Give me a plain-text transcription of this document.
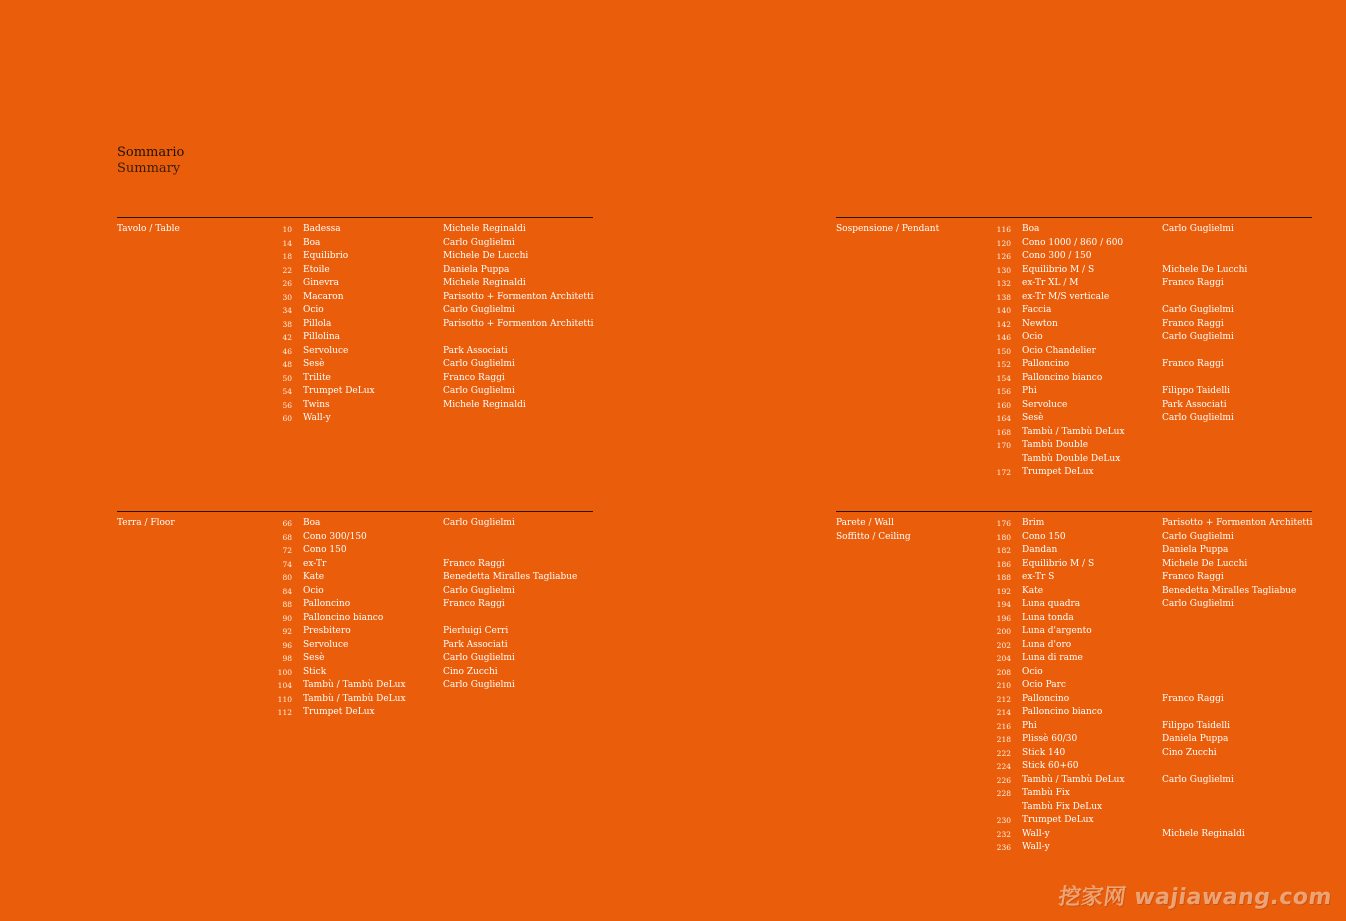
Sommario
Summary
Tavolo / Table	10 Badessa	Michele Reginaldi
14 Boa	Carlo Guglielmi
18 Equilibrio	Michele De Lucchi
22 Etoile	Daniela Puppa
26 Ginevra	Michele Reginaldi
30 Macaron	Parisotto + Formenton Architetti
34 Ocio	Carlo Guglielmi
38 Pillola	Parisotto + Formenton Architetti
42 Pillolina
46 Servoluce	Park Associati
48 Sesè	Carlo Guglielmi
50 Trilite	Franco Raggi
54 Trumpet DeLux	Carlo Guglielmi
56 Twins	Michele Reginaldi
60 Wall-y
Sospensione / Pendant	116 Boa	Carlo Guglielmi
120 Cono 1000 / 860 / 600
126 Cono 300 / 150
130 Equilibrio M / S	Michele De Lucchi
132 ex-Tr XL / M	Franco Raggi
138 ex-Tr M/S verticale
140 Faccia	Carlo Guglielmi
142 Newton	Franco Raggi
146 Ocio	Carlo Guglielmi
150 Ocio Chandelier
152 Palloncino	Franco Raggi
154 Palloncino bianco
156 Phi	Filippo Taidelli
160 Servoluce	Park Associati
164 Sesè	Carlo Guglielmi
168 Tambù / Tambù DeLux
170 Tambù Double
Tambù Double DeLux
172 Trumpet DeLux
Terra / Floor	66 Boa	Carlo Guglielmi
68 Cono 300/150
72 Cono 150
74 ex-Tr	Franco Raggi
80 Kate	Benedetta Miralles Tagliabue
84 Ocio	Carlo Guglielmi
88 Palloncino	Franco Raggi
90 Palloncino bianco
92 Presbitero	Pierluigi Cerri
96 Servoluce	Park Associati
98 Sesè	Carlo Guglielmi
100 Stick	Cino Zucchi
104 Tambù / Tambù DeLux	Carlo Guglielmi
110 Tambù / Tambù DeLux
112 Trumpet DeLux
Parete / Wall
Soffitto / Ceiling
176 Brim	Parisotto + Formenton Architetti
180 Cono 150	Carlo Guglielmi
182 Dandan	Daniela Puppa
186 Equilibrio M / S	Michele De Lucchi
188 ex-Tr S	Franco Raggi
192 Kate	Benedetta Miralles Tagliabue
194 Luna quadra	Carlo Guglielmi
196 Luna tonda
200 Luna d'argento
202 Luna d'oro
204 Luna di rame
208 Ocio
210 Ocio Parc
212 Palloncino	Franco Raggi
214 Palloncino bianco
216 Phi	Filippo Taidelli
218 Plissè 60/30	Daniela Puppa
222 Stick 140	Cino Zucchi
224 Stick 60+60
226 Tambù / Tambù DeLux	Carlo Guglielmi
228 Tambù Fix
Tambù Fix DeLux
230 Trumpet DeLux
232 Wall-y	Michele Reginaldi
236 Wall-y
挖家网 wajiawang.com
